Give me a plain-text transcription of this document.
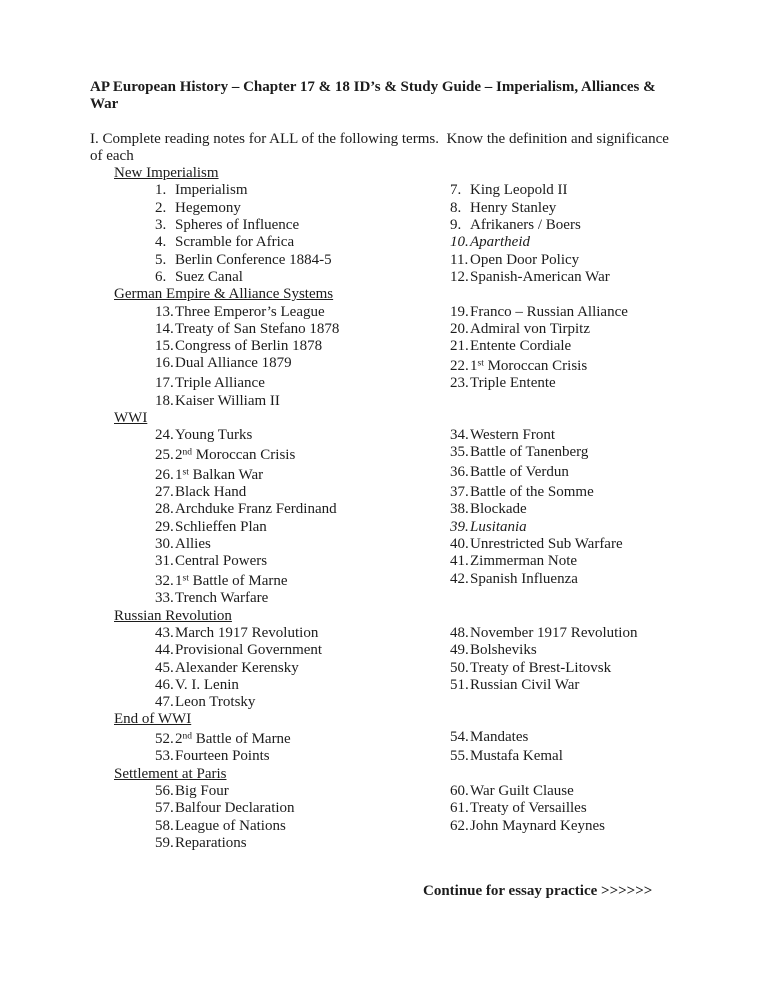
AP European History – Chapter 17 & 18 ID’s & Study Guide – Imperialism, Alliances &
War
I. Complete reading notes for ALL of the following terms.  Know the definition and significance
of each
New Imperialism
1. Imperialism	7. King Leopold II
2. Hegemony	8. Henry Stanley
3. Spheres of Influence	9. Afrikaners / Boers
4. Scramble for Africa	10.Apartheid
5. Berlin Conference 1884-5	11. Open Door Policy
6. Suez Canal	12.Spanish-American War
German Empire & Alliance Systems
13.Three Emperor’s League	19.Franco – Russian Alliance
14.Treaty of San Stefano 1878	20.Admiral von Tirpitz
15.Congress of Berlin 1878	21.Entente Cordiale
16.Dual Alliance 1879	22.1st Moroccan Crisis
17.Triple Alliance	23.Triple Entente
18.Kaiser William II
WWI
24.Young Turks	34.Western Front
25.2nd Moroccan Crisis	35.Battle of Tanenberg
26.1st Balkan War	36.Battle of Verdun
27.Black Hand	37.Battle of the Somme
28.Archduke Franz Ferdinand	38.Blockade
29.Schlieffen Plan	39.Lusitania
30.Allies	40.Unrestricted Sub Warfare
31.Central Powers	41.Zimmerman Note
32.1st Battle of Marne	42.Spanish Influenza
33.Trench Warfare
Russian Revolution
43.March 1917 Revolution	48.November 1917 Revolution
44.Provisional Government	49.Bolsheviks
45.Alexander Kerensky	50.Treaty of Brest-Litovsk
46.V. I. Lenin	51.Russian Civil War
47.Leon Trotsky
End of WWI
52.2nd Battle of Marne	54.Mandates
53.Fourteen Points	55.Mustafa Kemal
Settlement at Paris
56.Big Four	60.War Guilt Clause
57.Balfour Declaration	61.Treaty of Versailles
58.League of Nations	62.John Maynard Keynes
59.Reparations
Continue for essay practice >>>>>>
